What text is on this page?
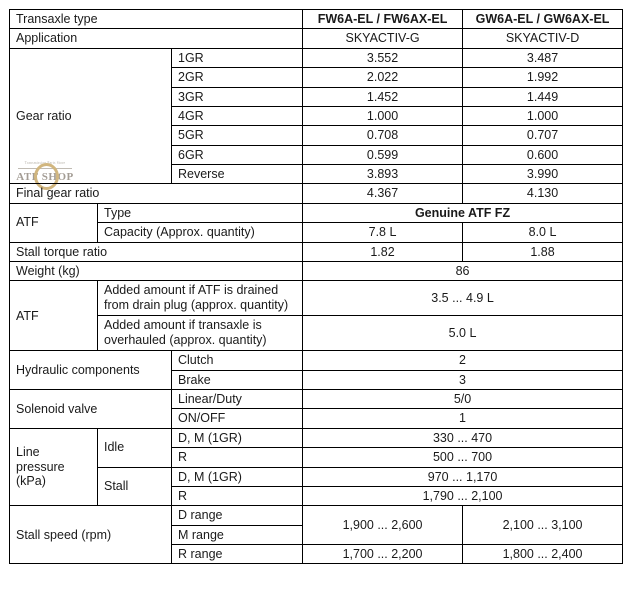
Transmission Parts Store
ATF SHOP
Transaxle type			FW6A-EL / FW6AX-EL	GW6A-EL / GW6AX-EL
Application			SKYACTIV-G	SKYACTIV-D
Gear ratio		1GR	3.552	3.487
		2GR	2.022	1.992
		3GR	1.452	1.449
		4GR	1.000	1.000
		5GR	0.708	0.707
		6GR	0.599	0.600
		Reverse	3.893	3.990
Final gear ratio			4.367	4.130
ATF	Type		Genuine ATF FZ	
	Capacity (Approx. quantity)		7.8 L	8.0 L
Stall torque ratio			1.82	1.88
Weight (kg)			86	
ATF	Added amount if ATF is drained
from drain plug (approx. quantity)		3.5 ... 4.9 L	

	Added amount if transaxle is
overhauled (approx. quantity)		5.0 L	
Hydraulic components		Clutch	2	
		Brake	3	
Solenoid valve		Linear/Duty	5/0	
		ON/OFF	1	

Line
pressure
(kPa)	Idle	D, M (1GR)	330 ... 470	
		R	500 ... 700	
	Stall	D, M (1GR)	970 ... 1,170	
		R	1,790 ... 2,100	
Stall speed (rpm)		D range	1,900 ... 2,600	2,100 ... 3,100
		M range		
		R range	1,700 ... 2,200	1,800 ... 2,400
